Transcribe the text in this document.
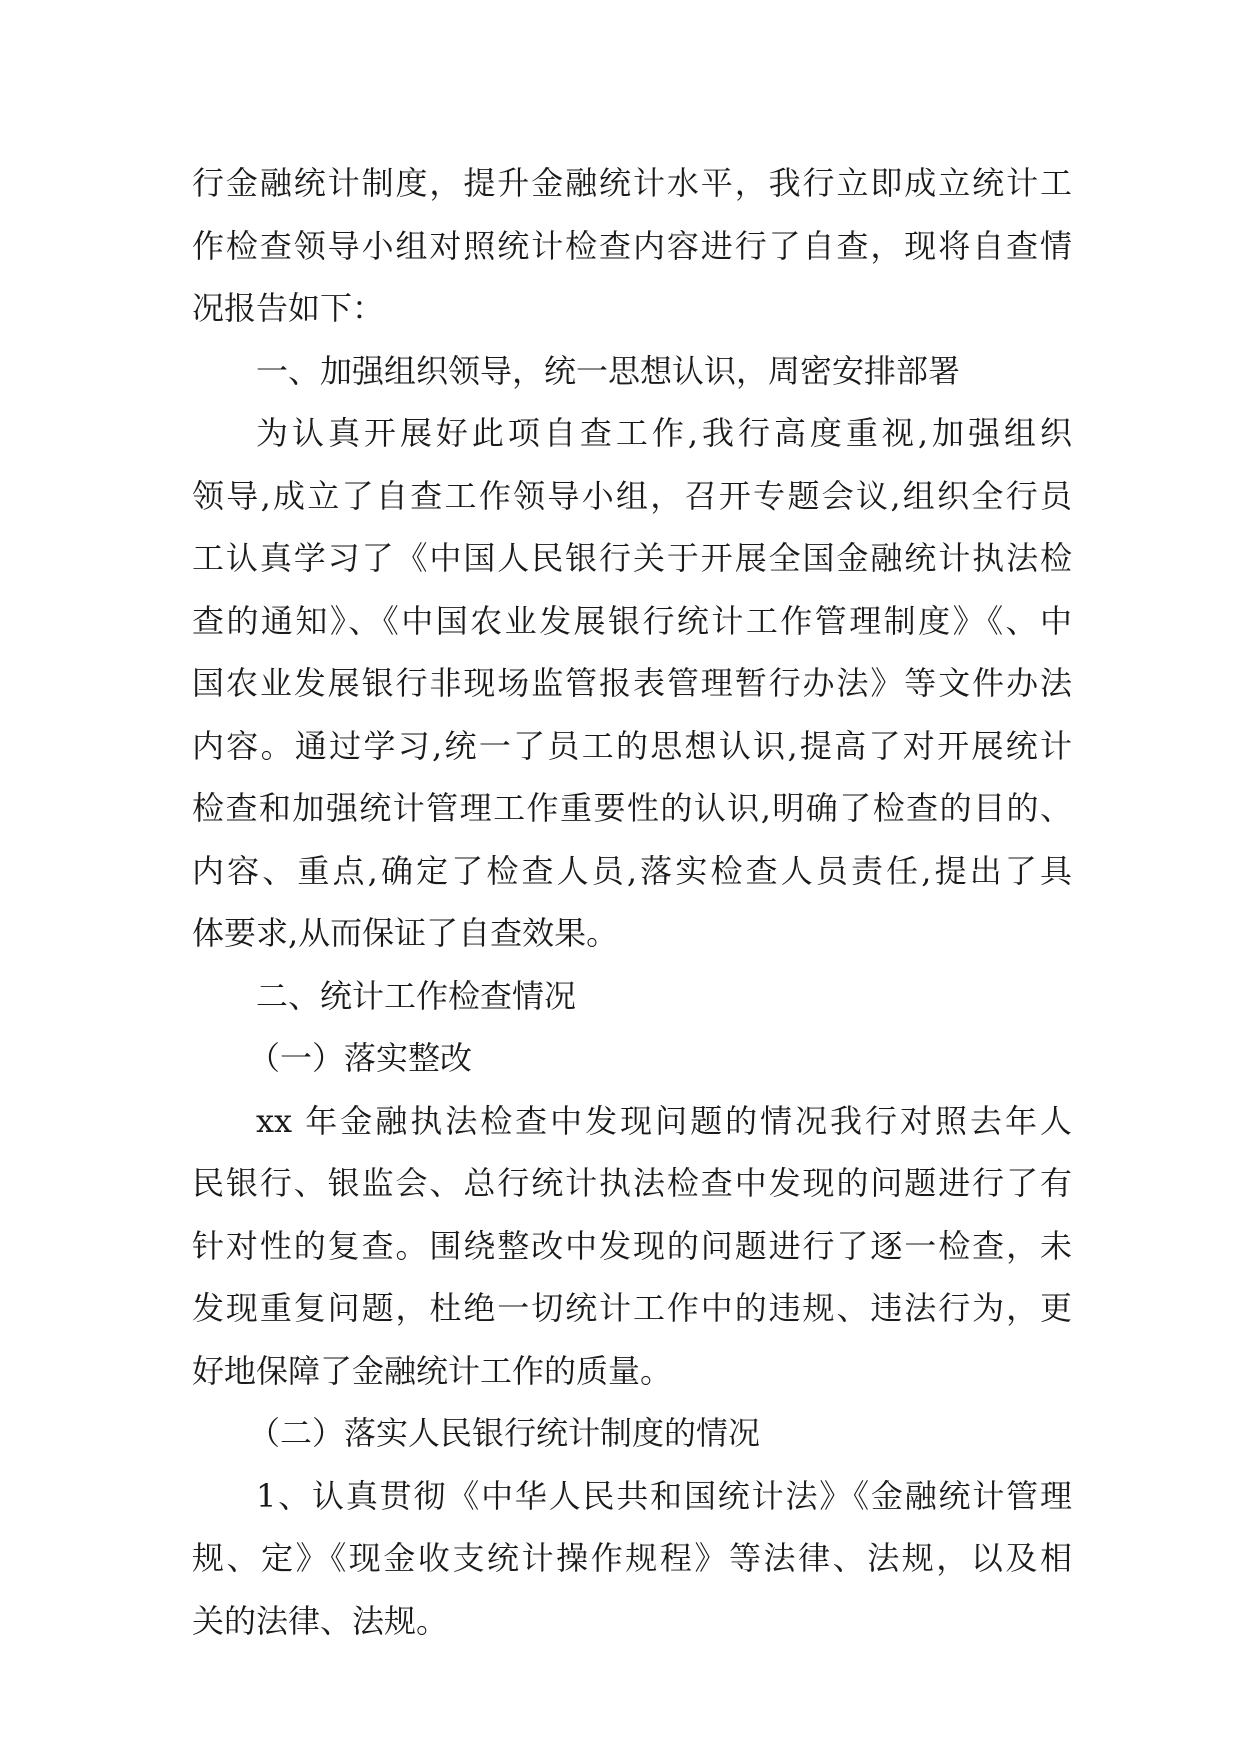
行金融统计制度，提升金融统计水平，我行立即成立统计工
作检查领导小组对照统计检查内容进行了自查，现将自查情
况报告如下：
一、加强组织领导，统一思想认识，周密安排部署
为认真开展好此项自查工作,我行高度重视,加强组织
领导,成立了自查工作领导小组，召开专题会议,组织全行员
工认真学习了《中国人民银行关于开展全国金融统计执法检
查的通知》、《中国农业发展银行统计工作管理制度》《、中
国农业发展银行非现场监管报表管理暂行办法》等文件办法
内容。通过学习,统一了员工的思想认识,提高了对开展统计
检查和加强统计管理工作重要性的认识,明确了检查的目的、
内容、重点,确定了检查人员,落实检查人员责任,提出了具
体要求,从而保证了自查效果。
二、统计工作检查情况
（一）落实整改
xx 年金融执法检查中发现问题的情况我行对照去年人
民银行、银监会、总行统计执法检查中发现的问题进行了有
针对性的复查。围绕整改中发现的问题进行了逐一检查，未
发现重复问题，杜绝一切统计工作中的违规、违法行为，更
好地保障了金融统计工作的质量。
（二）落实人民银行统计制度的情况
1、认真贯彻《中华人民共和国统计法》《金融统计管理
规、定》《现金收支统计操作规程》等法律、法规，以及相
关的法律、法规。
